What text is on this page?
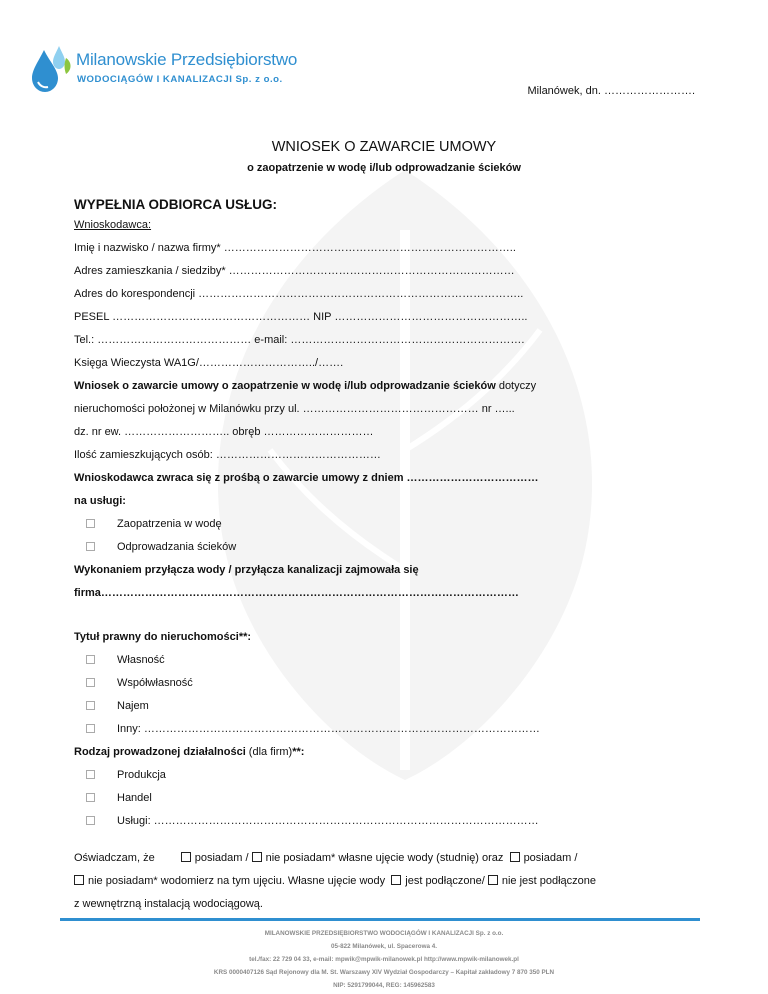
Milanowskie Przedsiębiorstwo
WODOCIĄGÓW I KANALIZACJI Sp. z o.o.
Milanówek, dn. …………………….
WNIOSEK O ZAWARCIE UMOWY
o zaopatrzenie w wodę i/lub odprowadzanie ścieków
WYPEŁNIA ODBIORCA USŁUG:
Wnioskodawca:
Imię i nazwisko / nazwa firmy* ……………………………………………………………………..
Adres zamieszkania / siedziby* ……………………………………………………………………
Adres do korespondencji ……………………………………………………………………………..
PESEL ……………………………………………… NIP ……………………………………………..
Tel.: …………………………………… e-mail: ……………………………………………………….
Księga Wieczysta WA1G/…………………………../…….
Wniosek o zawarcie umowy o zaopatrzenie w wodę i/lub odprowadzanie ścieków dotyczy
nieruchomości położonej w Milanówku przy ul. ………………………………………… nr …...
dz. nr ew. ……………………….. obręb …………………………
Ilość zamieszkujących osób: ………………………………………
Wnioskodawca zwraca się z prośbą o zawarcie umowy z dniem ………………………………
na usługi:
Zaopatrzenia w wodę
Odprowadzania ścieków
Wykonaniem przyłącza wody / przyłącza kanalizacji zajmowała się
firma……………………………………………………………………………………………………
Tytuł prawny do nieruchomości**:
Własność
Współwłasność
Najem
Inny: ………………………………………………………………………………………………
Rodzaj prowadzonej działalności (dla firm)**:
Produkcja
Handel
Usługi: ……………………………………………………………………………………………
Oświadczam, że	posiadam / nie posiadam* własne ujęcie wody (studnię) oraz posiadam /
nie posiadam* wodomierz na tym ujęciu. Własne ujęcie wody jest podłączone/ nie jest podłączone
z wewnętrzną instalacją wodociągową.
MILANOWSKIE PRZEDSIĘBIORSTWO WODOCIĄGÓW I KANALIZACJI Sp. z o.o.
05-822 Milanówek, ul. Spacerowa 4.
tel./fax: 22 729 04 33, e-mail: mpwik@mpwik-milanowek.pl http://www.mpwik-milanowek.pl
KRS 0000407126 Sąd Rejonowy dla M. St. Warszawy XIV Wydział Gospodarczy – Kapitał zakładowy 7 870 350 PLN
NIP: 5291799044, REG: 145962583
